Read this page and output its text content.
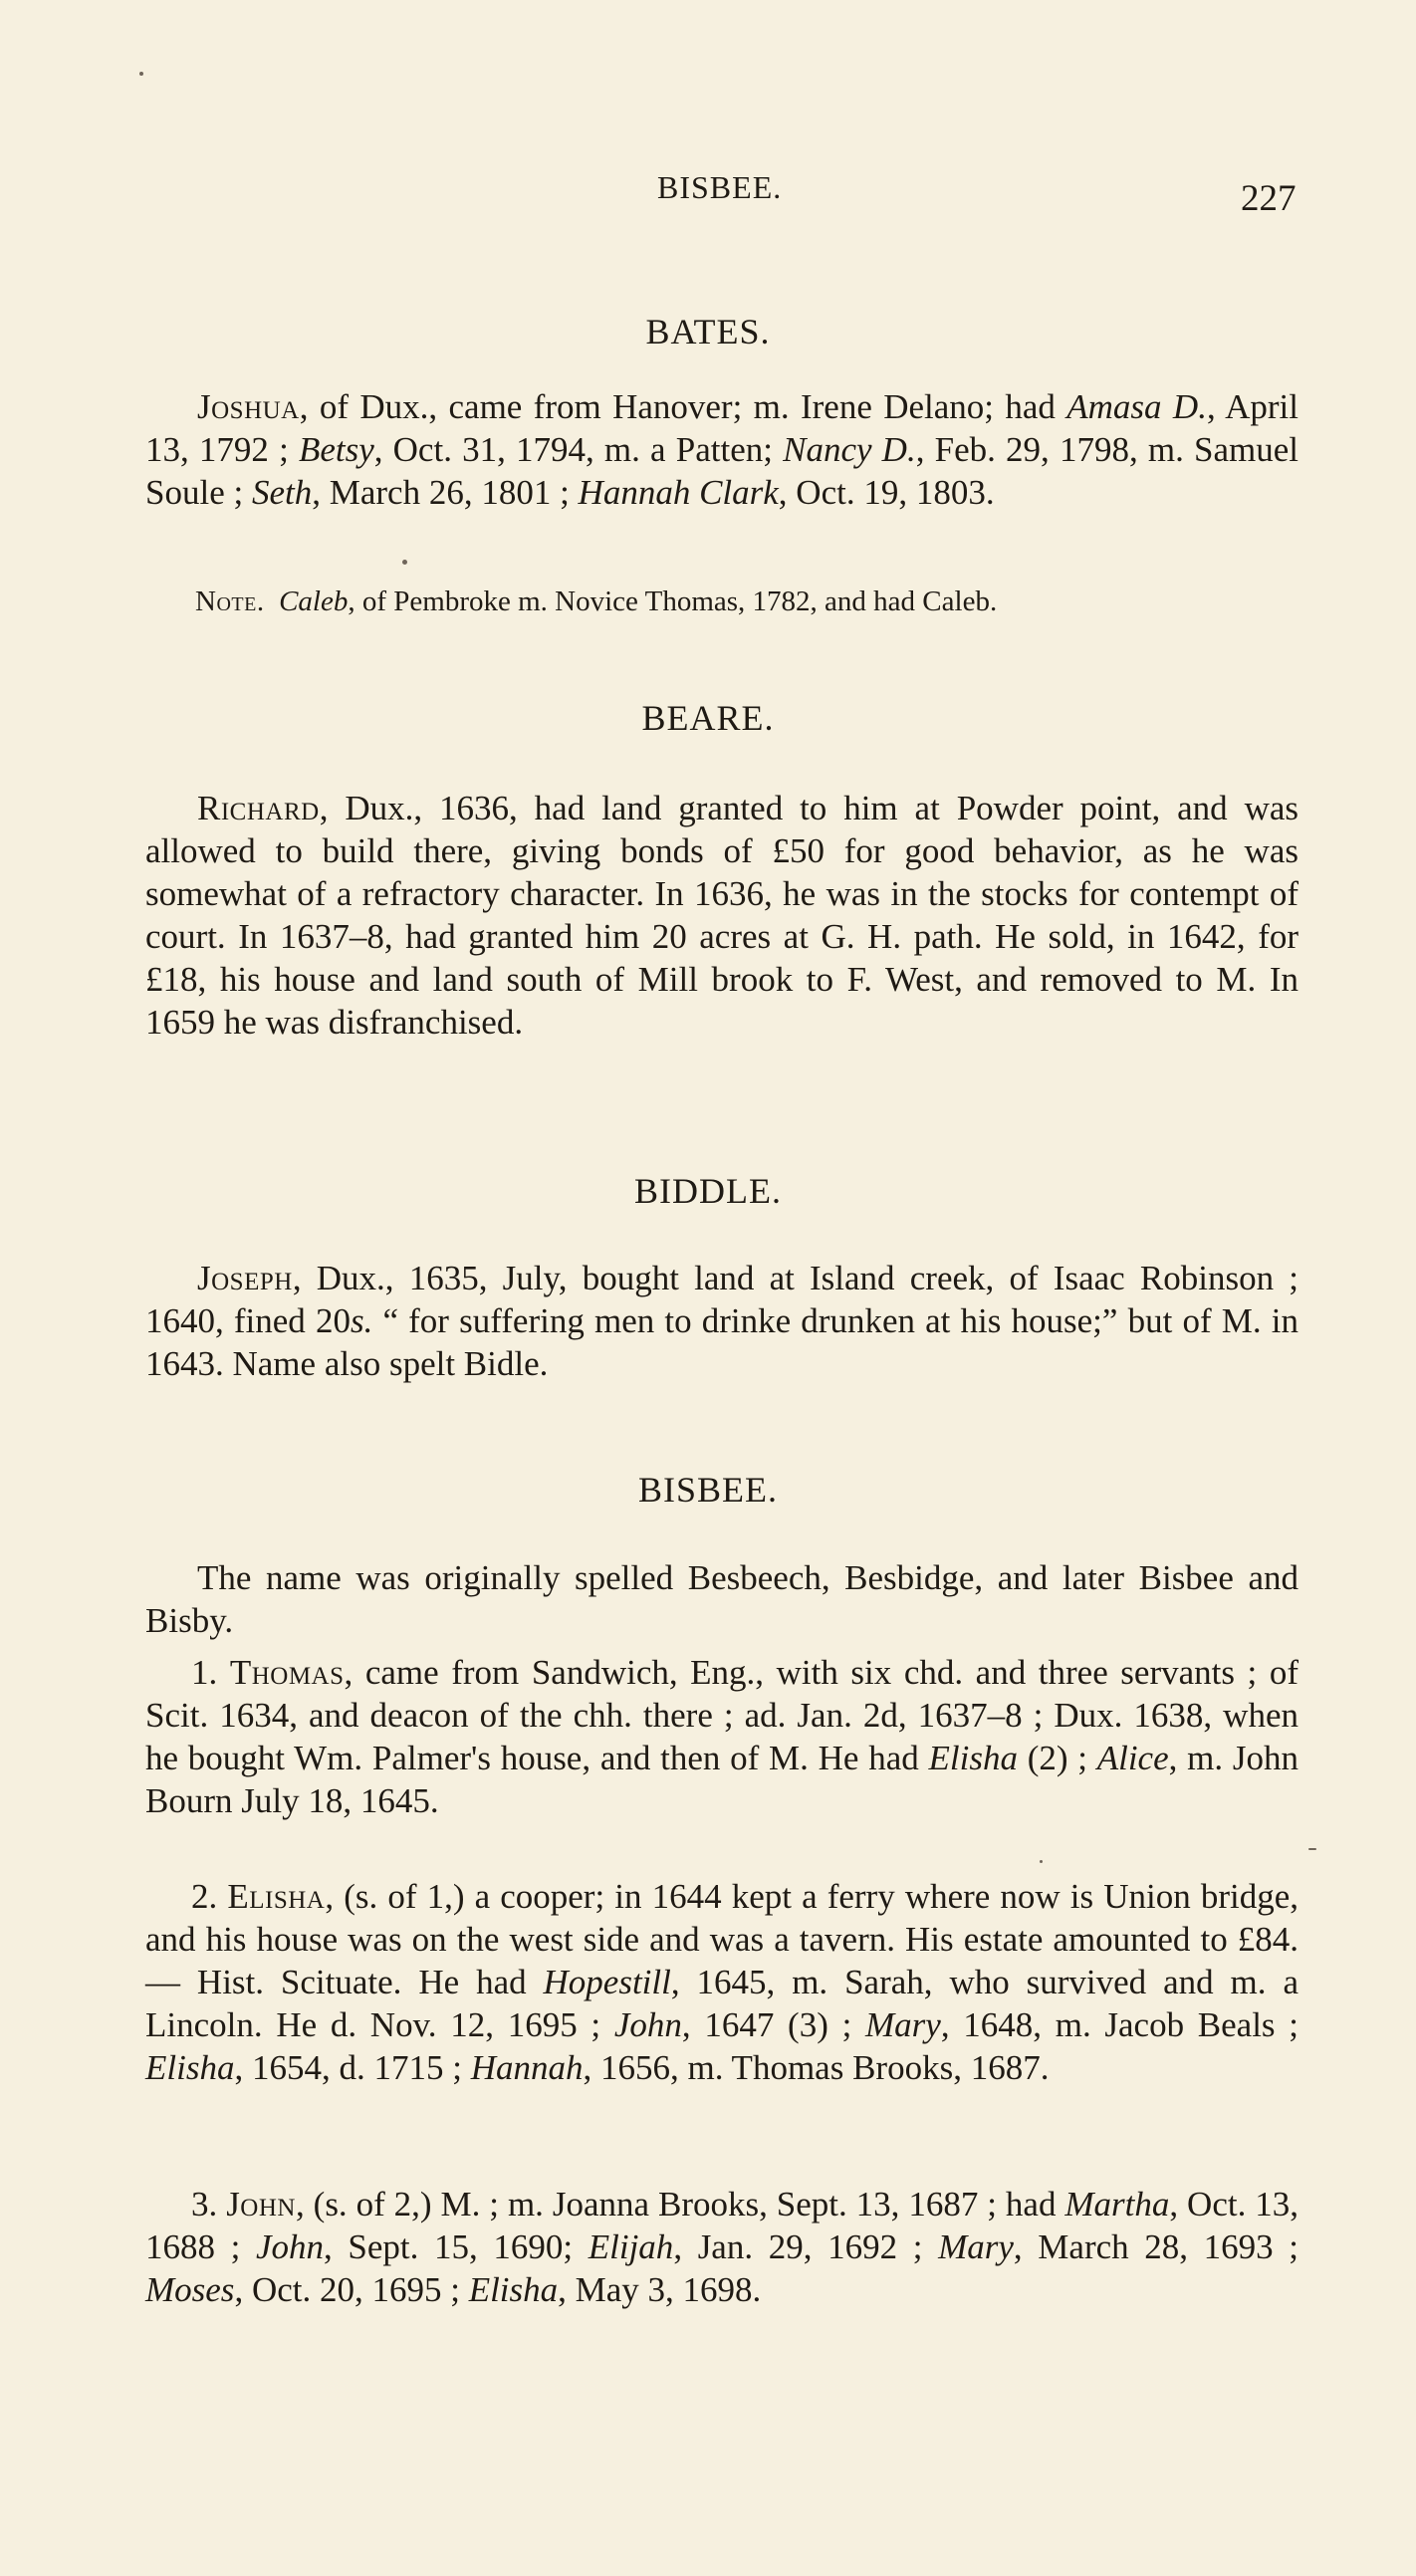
BISBEE.	227
BATES.
Joshua, of Dux., came from Hanover; m. Irene Delano; had Amasa D., April 13, 1792 ; Betsy, Oct. 31, 1794, m. a Patten; Nancy D., Feb. 29, 1798, m. Samuel Soule ; Seth, March 26, 1801 ; Hannah Clark, Oct. 19, 1803.
Note. Caleb, of Pembroke m. Novice Thomas, 1782, and had Caleb.
BEARE.
Richard, Dux., 1636, had land granted to him at Powder point, and was allowed to build there, giving bonds of £50 for good behavior, as he was somewhat of a refractory character. In 1636, he was in the stocks for contempt of court. In 1637–8, had granted him 20 acres at G. H. path. He sold, in 1642, for £18, his house and land south of Mill brook to F. West, and removed to M. In 1659 he was disfranchised.
BIDDLE.
Joseph, Dux., 1635, July, bought land at Island creek, of Isaac Robinson ; 1640, fined 20s. “ for suffering men to drinke drunken at his house;” but of M. in 1643. Name also spelt Bidle.
BISBEE.
The name was originally spelled Besbeech, Besbidge, and later Bisbee and Bisby.
1. Thomas, came from Sandwich, Eng., with six chd. and three servants ; of Scit. 1634, and deacon of the chh. there ; ad. Jan. 2d, 1637–8 ; Dux. 1638, when he bought Wm. Palmer's house, and then of M. He had Elisha (2) ; Alice, m. John Bourn July 18, 1645.
2. Elisha, (s. of 1,) a cooper; in 1644 kept a ferry where now is Union bridge, and his house was on the west side and was a tavern. His estate amounted to £84. — Hist. Scituate. He had Hopestill, 1645, m. Sarah, who survived and m. a Lincoln. He d. Nov. 12, 1695 ; John, 1647 (3) ; Mary, 1648, m. Jacob Beals ; Elisha, 1654, d. 1715 ; Hannah, 1656, m. Thomas Brooks, 1687.
3. John, (s. of 2,) M. ; m. Joanna Brooks, Sept. 13, 1687 ; had Martha, Oct. 13, 1688 ; John, Sept. 15, 1690; Elijah, Jan. 29, 1692 ; Mary, March 28, 1693 ; Moses, Oct. 20, 1695 ; Elisha, May 3, 1698.
